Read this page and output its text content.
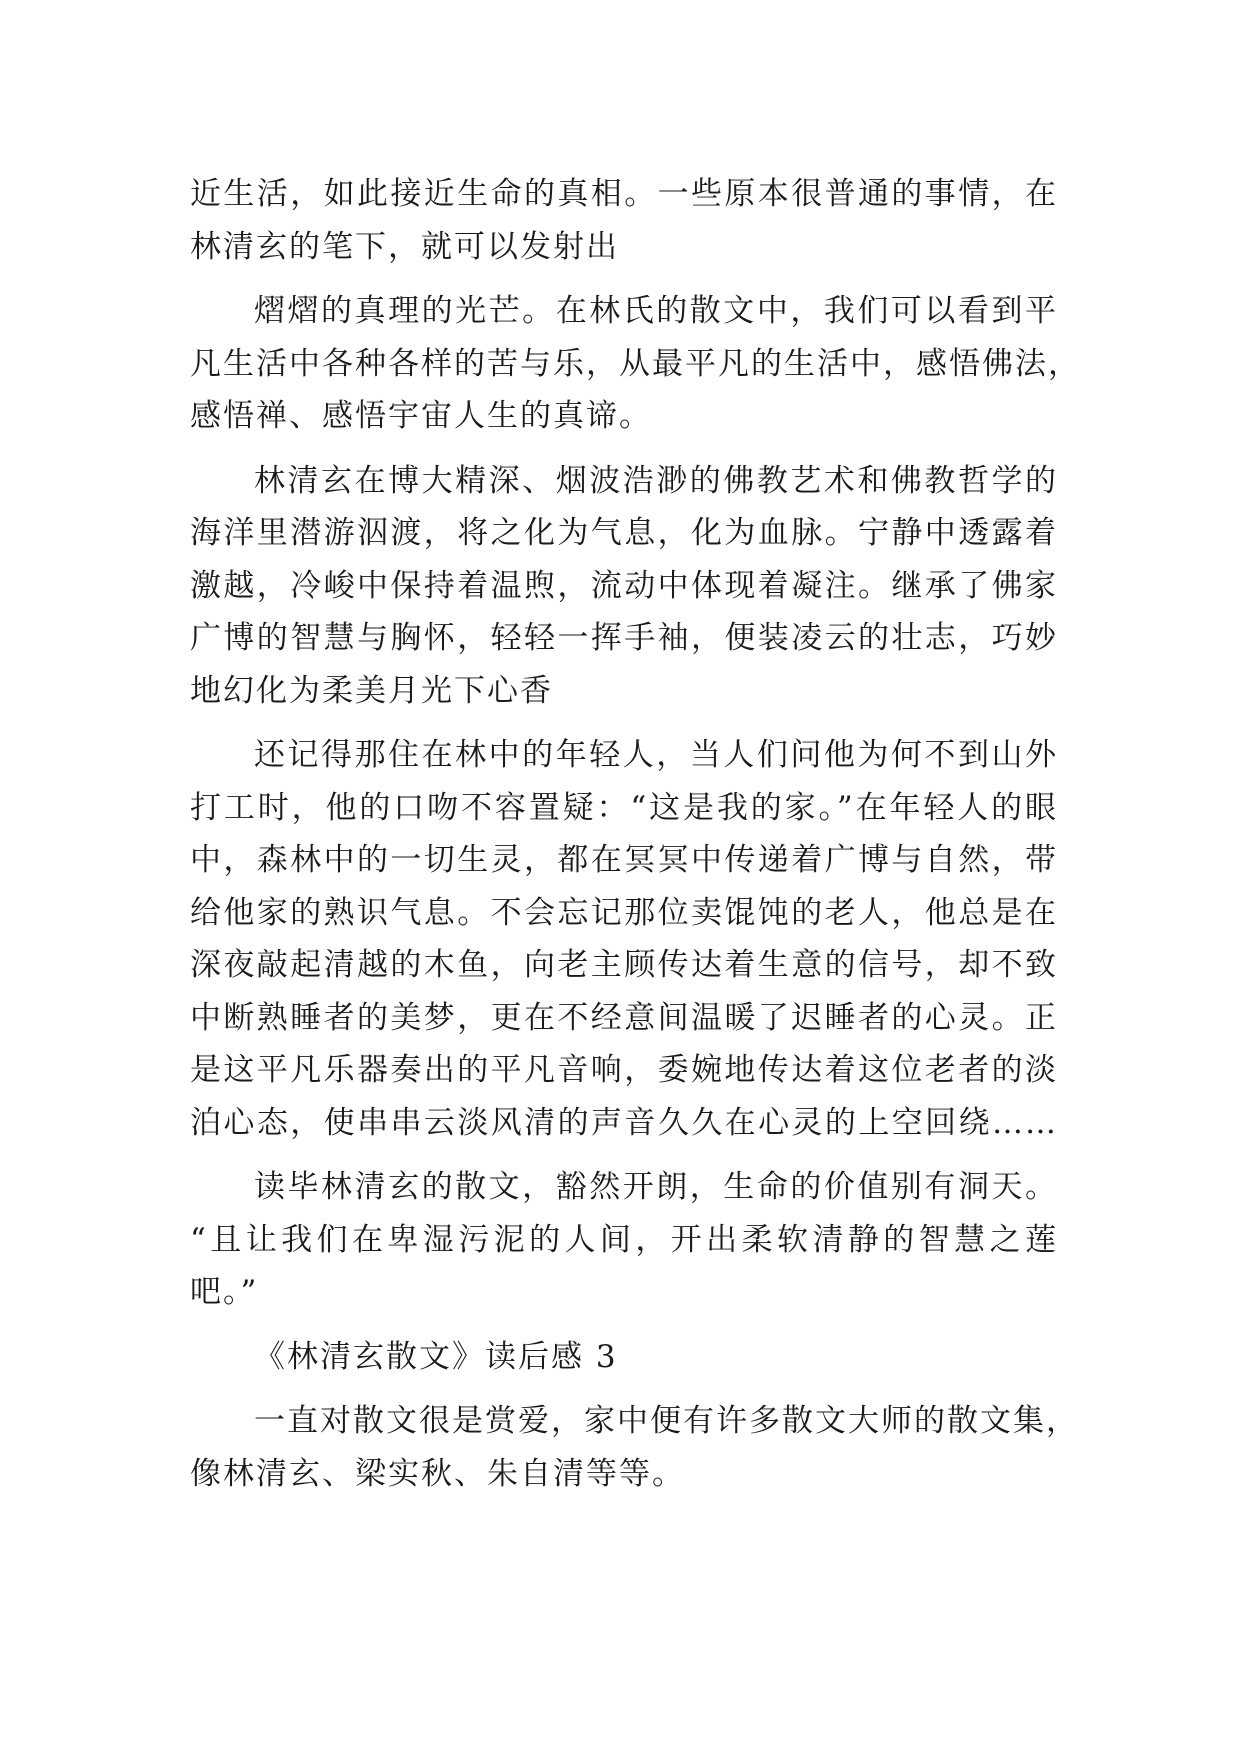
近生活，如此接近生命的真相。一些原本很普通的事情，在
林清玄的笔下，就可以发射出
熠熠的真理的光芒。在林氏的散文中，我们可以看到平
凡生活中各种各样的苦与乐，从最平凡的生活中，感悟佛法，
感悟禅、感悟宇宙人生的真谛。
林清玄在博大精深、烟波浩渺的佛教艺术和佛教哲学的
海洋里潜游泅渡，将之化为气息，化为血脉。宁静中透露着
激越，冷峻中保持着温煦，流动中体现着凝注。继承了佛家
广博的智慧与胸怀，轻轻一挥手袖，便装凌云的壮志，巧妙
地幻化为柔美月光下心香
还记得那住在林中的年轻人，当人们问他为何不到山外
打工时，他的口吻不容置疑：“这是我的家。”在年轻人的眼
中，森林中的一切生灵，都在冥冥中传递着广博与自然，带
给他家的熟识气息。不会忘记那位卖馄饨的老人，他总是在
深夜敲起清越的木鱼，向老主顾传达着生意的信号，却不致
中断熟睡者的美梦，更在不经意间温暖了迟睡者的心灵。正
是这平凡乐器奏出的平凡音响，委婉地传达着这位老者的淡
泊心态，使串串云淡风清的声音久久在心灵的上空回绕……
读毕林清玄的散文，豁然开朗，生命的价值别有洞天。
“且让我们在卑湿污泥的人间，开出柔软清静的智慧之莲
吧。”
《林清玄散文》读后感 3
一直对散文很是赏爱，家中便有许多散文大师的散文集，
像林清玄、梁实秋、朱自清等等。
